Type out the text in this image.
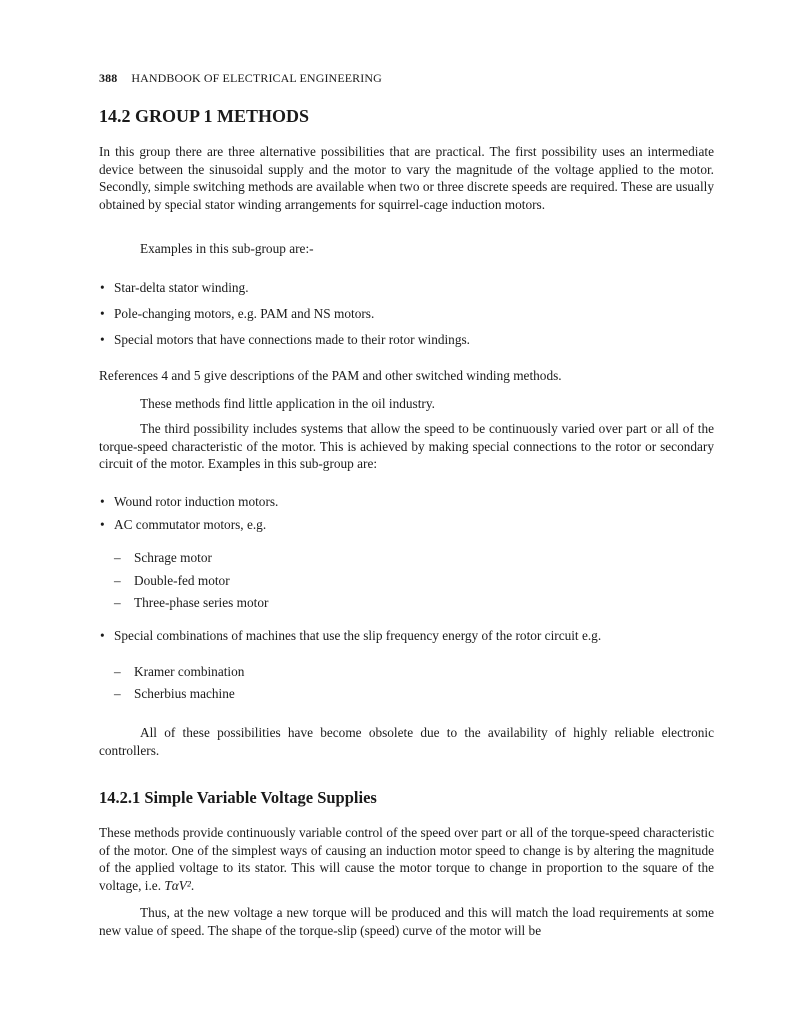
388 HANDBOOK OF ELECTRICAL ENGINEERING
14.2 GROUP 1 METHODS

In this group there are three alternative possibilities that are practical. The first possibility uses an intermediate device between the sinusoidal supply and the motor to vary the magnitude of the voltage applied to the motor. Secondly, simple switching methods are available when two or three discrete speeds are required. These are usually obtained by special stator winding arrangements for squirrel-cage induction motors.

Examples in this sub-group are:-

• Star-delta stator winding.
• Pole-changing motors, e.g. PAM and NS motors.
• Special motors that have connections made to their rotor windings.

References 4 and 5 give descriptions of the PAM and other switched winding methods.

These methods find little application in the oil industry.

The third possibility includes systems that allow the speed to be continuously varied over part or all of the torque-speed characteristic of the motor. This is achieved by making special connections to the rotor or secondary circuit of the motor. Examples in this sub-group are:

• Wound rotor induction motors.
• AC commutator motors, e.g.
– Schrage motor
– Double-fed motor
– Three-phase series motor
• Special combinations of machines that use the slip frequency energy of the rotor circuit e.g.
– Kramer combination
– Scherbius machine

All of these possibilities have become obsolete due to the availability of highly reliable electronic controllers.

14.2.1 Simple Variable Voltage Supplies

These methods provide continuously variable control of the speed over part or all of the torque-speed characteristic of the motor. One of the simplest ways of causing an induction motor speed to change is by altering the magnitude of the applied voltage to its stator. This will cause the motor torque to change in proportion to the square of the voltage, i.e. TαV².

Thus, at the new voltage a new torque will be produced and this will match the load requirements at some new value of speed. The shape of the torque-slip (speed) curve of the motor will be
